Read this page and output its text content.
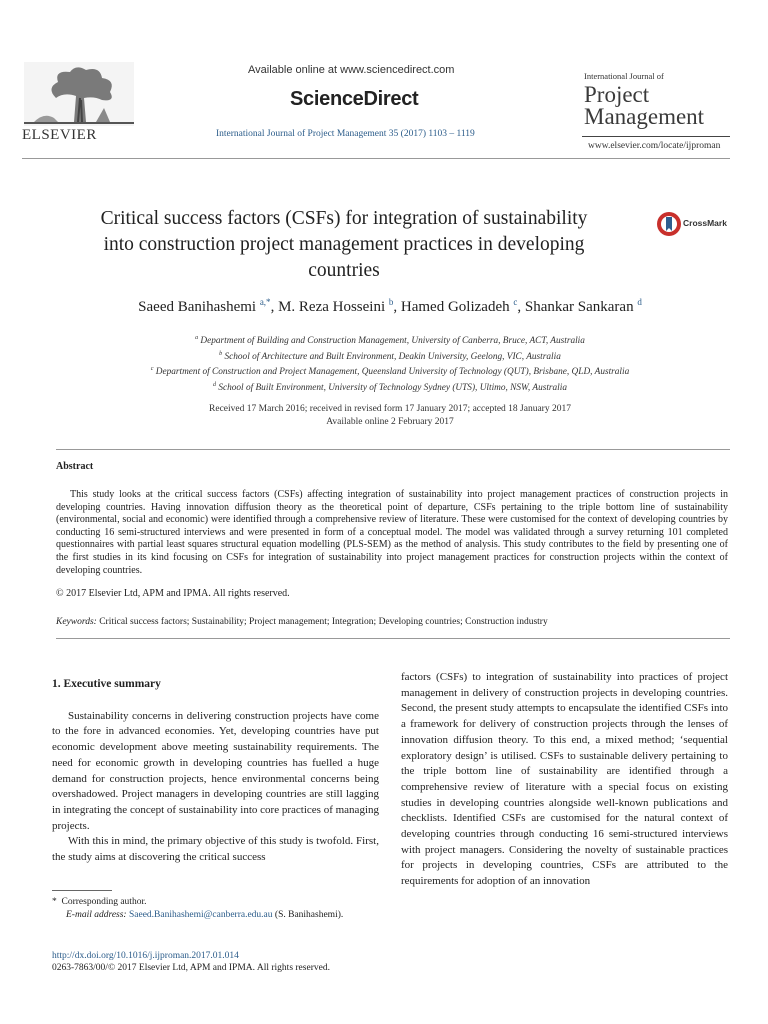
ELSEVIER
Available online at www.sciencedirect.com
ScienceDirect
International Journal of Project Management 35 (2017) 1103 – 1119
International Journal of
Project
Management
www.elsevier.com/locate/ijproman
Critical success factors (CSFs) for integration of sustainability
into construction project management practices in developing
countries
CrossMark
Saeed Banihashemi $^{a,*}$, M. Reza Hosseini $^b$, Hamed Golizadeh $^c$, Shankar Sankaran $^d$
$^a$ Department of Building and Construction Management, University of Canberra, Bruce, ACT, Australia
$^b$ School of Architecture and Built Environment, Deakin University, Geelong, VIC, Australia
$^c$ Department of Construction and Project Management, Queensland University of Technology (QUT), Brisbane, QLD, Australia
$^d$ School of Built Environment, University of Technology Sydney (UTS), Ultimo, NSW, Australia
Received 17 March 2016; received in revised form 17 January 2017; accepted 18 January 2017
Available online 2 February 2017
Abstract
This study looks at the critical success factors (CSFs) affecting integration of sustainability into project management practices of construction projects in developing countries. Having innovation diffusion theory as the theoretical point of departure, CSFs pertaining to the triple bottom line of sustainability (environmental, social and economic) were identified through a comprehensive review of literature. These were customised for the context of developing countries by conducting 16 semi-structured interviews and were presented in form of a conceptual model. The model was validated through a survey returning 101 completed questionnaires with partial least squares structural equation modelling (PLS-SEM) as the method of analysis. This study contributes to the field by presenting one of the first studies in its kind focusing on CSFs for integration of sustainability into project management practices for construction projects within the context of developing countries.
© 2017 Elsevier Ltd, APM and IPMA. All rights reserved.
Keywords: Critical success factors; Sustainability; Project management; Integration; Developing countries; Construction industry

1. Executive summary

Sustainability concerns in delivering construction projects have come to the fore in advanced economies. Yet, developing countries have put economic development above meeting sustainability requirements. The need for economic growth in developing countries has fuelled a huge demand for construction projects, hence environmental concerns being overshadowed. Project managers in developing countries are still lagging in integrating the concept of sustainability into core practices of managing projects.

With this in mind, the primary objective of this study is twofold. First, the study aims at discovering the critical success

factors (CSFs) to integration of sustainability into practices of project management in delivery of construction projects in developing countries. Second, the present study attempts to encapsulate the identified CSFs into a framework for delivery of construction projects through the lenses of innovation diffusion theory. To this end, a mixed method; ‘sequential exploratory design’ is utilised. CSFs to sustainable delivery pertaining to the triple bottom line of sustainability are identified through a comprehensive review of literature with a special focus on existing studies in developing countries alongside well-known publications and checklists. Identified CSFs are customised for the natural context of developing countries through conducting 16 semi-structured interviews with project managers. Considering the novelty of sustainable practices for projects in developing countries, CSFs are attributed to the requirements for adoption of an innovation

* Corresponding author.
E-mail address: Saeed.Banihashemi@canberra.edu.au (S. Banihashemi).
http://dx.doi.org/10.1016/j.ijproman.2017.01.014
0263-7863/00/© 2017 Elsevier Ltd, APM and IPMA. All rights reserved.
